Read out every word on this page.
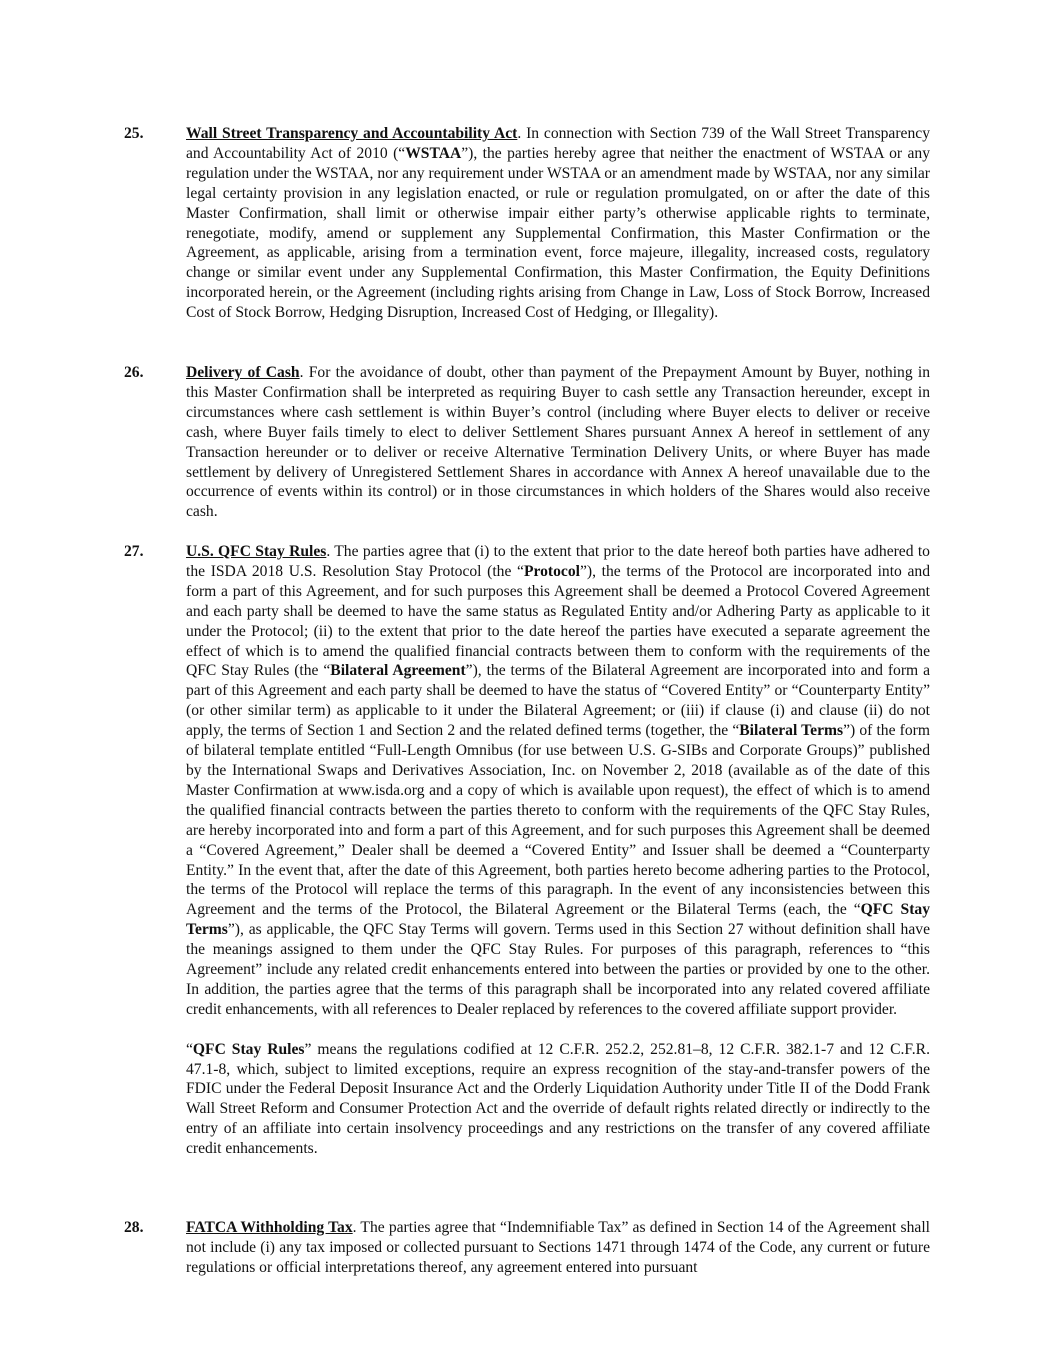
25.	Wall Street Transparency and Accountability Act. In connection with Section 739 of the Wall Street Transparency and Accountability Act of 2010 (“WSTAA”), the parties hereby agree that neither the enactment of WSTAA or any regulation under the WSTAA, nor any requirement under WSTAA or an amendment made by WSTAA, nor any similar legal certainty provision in any legislation enacted, or rule or regulation promulgated, on or after the date of this Master Confirmation, shall limit or otherwise impair either party’s otherwise applicable rights to terminate, renegotiate, modify, amend or supplement any Supplemental Confirmation, this Master Confirmation or the Agreement, as applicable, arising from a termination event, force majeure, illegality, increased costs, regulatory change or similar event under any Supplemental Confirmation, this Master Confirmation, the Equity Definitions incorporated herein, or the Agreement (including rights arising from Change in Law, Loss of Stock Borrow, Increased Cost of Stock Borrow, Hedging Disruption, Increased Cost of Hedging, or Illegality).
26.	Delivery of Cash. For the avoidance of doubt, other than payment of the Prepayment Amount by Buyer, nothing in this Master Confirmation shall be interpreted as requiring Buyer to cash settle any Transaction hereunder, except in circumstances where cash settlement is within Buyer’s control (including where Buyer elects to deliver or receive cash, where Buyer fails timely to elect to deliver Settlement Shares pursuant Annex A hereof in settlement of any Transaction hereunder or to deliver or receive Alternative Termination Delivery Units, or where Buyer has made settlement by delivery of Unregistered Settlement Shares in accordance with Annex A hereof unavailable due to the occurrence of events within its control) or in those circumstances in which holders of the Shares would also receive cash.
27.	U.S. QFC Stay Rules. The parties agree that (i) to the extent that prior to the date hereof both parties have adhered to the ISDA 2018 U.S. Resolution Stay Protocol (the “Protocol”), the terms of the Protocol are incorporated into and form a part of this Agreement, and for such purposes this Agreement shall be deemed a Protocol Covered Agreement and each party shall be deemed to have the same status as Regulated Entity and/or Adhering Party as applicable to it under the Protocol; (ii) to the extent that prior to the date hereof the parties have executed a separate agreement the effect of which is to amend the qualified financial contracts between them to conform with the requirements of the QFC Stay Rules (the “Bilateral Agreement”), the terms of the Bilateral Agreement are incorporated into and form a part of this Agreement and each party shall be deemed to have the status of “Covered Entity” or “Counterparty Entity” (or other similar term) as applicable to it under the Bilateral Agreement; or (iii) if clause (i) and clause (ii) do not apply, the terms of Section 1 and Section 2 and the related defined terms (together, the “Bilateral Terms”) of the form of bilateral template entitled “Full-Length Omnibus (for use between U.S. G-SIBs and Corporate Groups)” published by the International Swaps and Derivatives Association, Inc. on November 2, 2018 (available as of the date of this Master Confirmation at www.isda.org and a copy of which is available upon request), the effect of which is to amend the qualified financial contracts between the parties thereto to conform with the requirements of the QFC Stay Rules, are hereby incorporated into and form a part of this Agreement, and for such purposes this Agreement shall be deemed a “Covered Agreement,” Dealer shall be deemed a “Covered Entity” and Issuer shall be deemed a “Counterparty Entity.” In the event that, after the date of this Agreement, both parties hereto become adhering parties to the Protocol, the terms of the Protocol will replace the terms of this paragraph. In the event of any inconsistencies between this Agreement and the terms of the Protocol, the Bilateral Agreement or the Bilateral Terms (each, the “QFC Stay Terms”), as applicable, the QFC Stay Terms will govern. Terms used in this Section 27 without definition shall have the meanings assigned to them under the QFC Stay Rules. For purposes of this paragraph, references to “this Agreement” include any related credit enhancements entered into between the parties or provided by one to the other. In addition, the parties agree that the terms of this paragraph shall be incorporated into any related covered affiliate credit enhancements, with all references to Dealer replaced by references to the covered affiliate support provider.
“QFC Stay Rules” means the regulations codified at 12 C.F.R. 252.2, 252.81–8, 12 C.F.R. 382.1-7 and 12 C.F.R. 47.1-8, which, subject to limited exceptions, require an express recognition of the stay-and-transfer powers of the FDIC under the Federal Deposit Insurance Act and the Orderly Liquidation Authority under Title II of the Dodd Frank Wall Street Reform and Consumer Protection Act and the override of default rights related directly or indirectly to the entry of an affiliate into certain insolvency proceedings and any restrictions on the transfer of any covered affiliate credit enhancements.
28.	FATCA Withholding Tax. The parties agree that “Indemnifiable Tax” as defined in Section 14 of the Agreement shall not include (i) any tax imposed or collected pursuant to Sections 1471 through 1474 of the Code, any current or future regulations or official interpretations thereof, any agreement entered into pursuant
